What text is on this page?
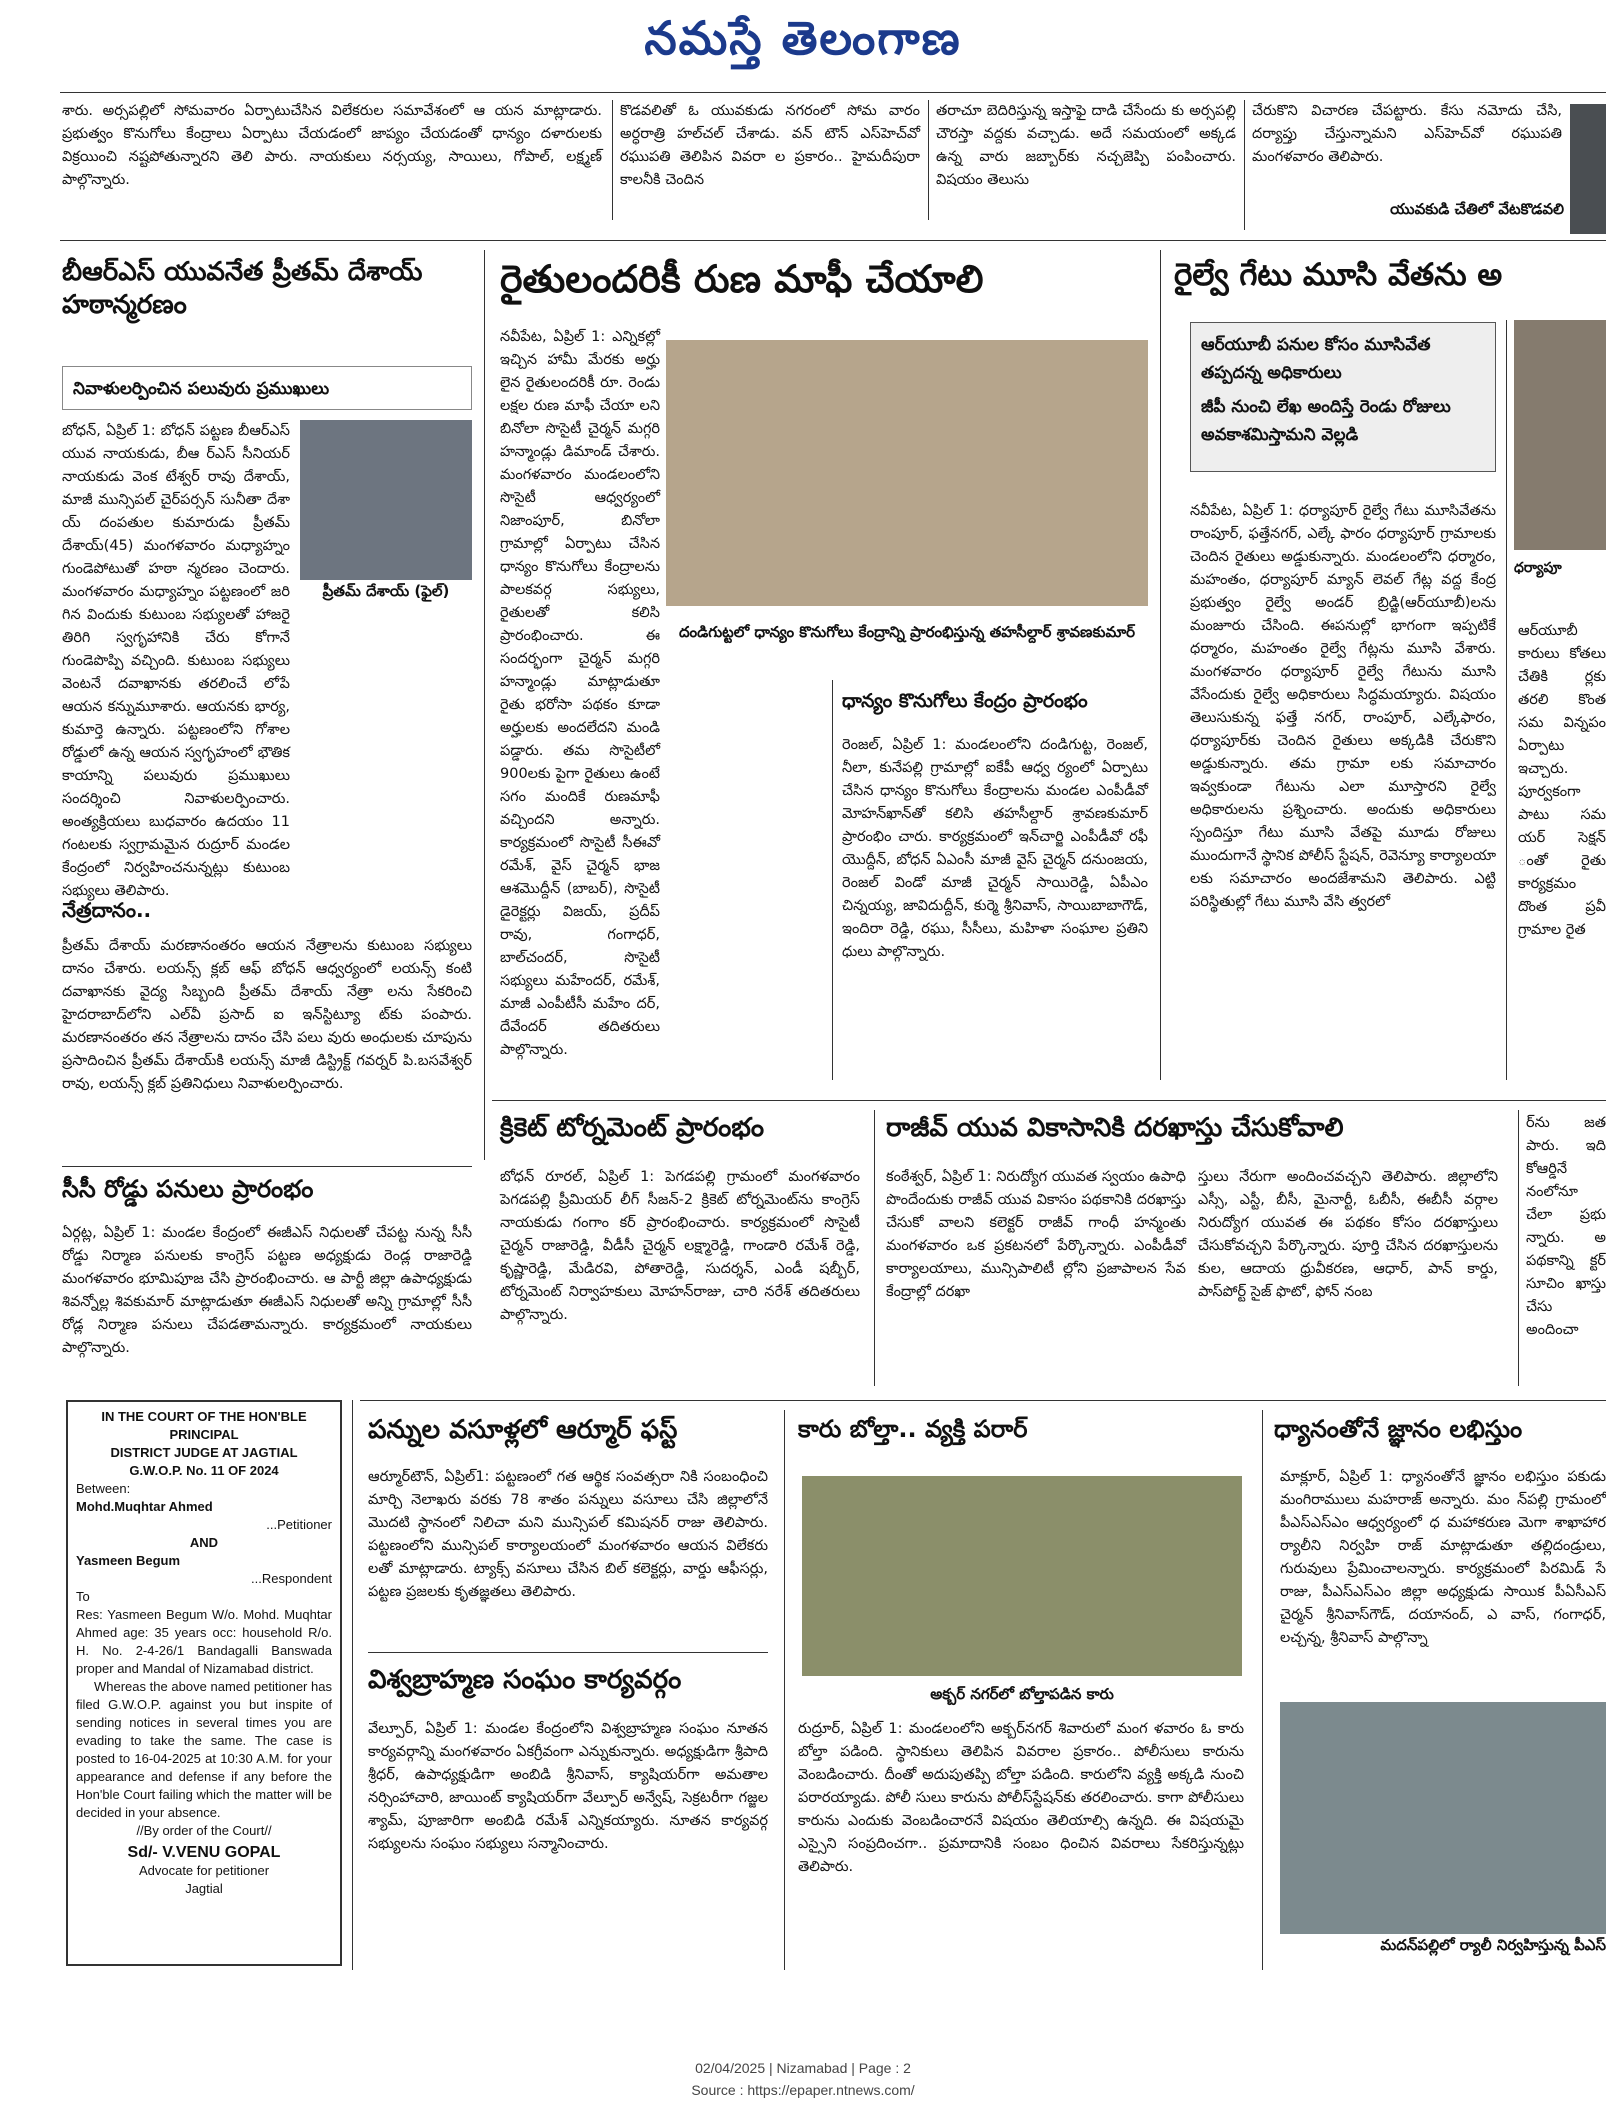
నమస్తే తెలంగాణ
శారు. అర్సపల్లిలో సోమవారం ఏర్పాటుచేసిన విలేకరుల సమావేశంలో ఆ యన మాట్లాడారు. ప్రభుత్వం కొనుగోలు కేంద్రాలు ఏర్పాటు చేయడంలో జాప్యం చేయడంతో ధాన్యం దళారులకు విక్రయించి నష్టపోతున్నారని తెలి పారు. నాయకులు నర్సయ్య, సాయిలు, గోపాల్, లక్ష్మణ్ పాల్గొన్నారు.
కొడవలితో ఓ యువకుడు నగరంలో సోమ వారం అర్ధరాత్రి హల్‌చల్ చేశాడు. వన్ టౌన్ ఎస్‌హెచ్‌వో రఘుపతి తెలిపిన వివరా ల ప్రకారం.. హైమదీపురా కాలనీకి చెందిన
తరాచూ బెదిరిస్తున్న ఇస్తాఫై దాడి చేసేందు కు అర్సపల్లి చౌరస్తా వద్దకు వచ్చాడు. అదే సమయంలో అక్కడ ఉన్న వారు జబ్బార్‌కు నచ్చజెప్పి పంపించారు. విషయం తెలుసు
చేరుకొని విచారణ చేపట్టారు. కేసు నమోదు చేసి, దర్యాప్తు చేస్తున్నామని ఎస్‌హెచ్‌వో రఘుపతి మంగళవారం తెలిపారు.
యువకుడి చేతిలో వేటకొడవలి
బీఆర్‌ఎస్ యువనేత ప్రీతమ్ దేశాయ్ హఠాన్మరణం
నివాళులర్పించిన పలువురు ప్రముఖులు
బోధన్, ఏప్రిల్ 1: బోధన్ పట్టణ బీఆర్‌ఎస్ యువ నాయకుడు, బీఆ ర్‌ఎస్ సీనియర్ నాయకుడు వెంక టేశ్వర్ రావు దేశాయ్, మాజీ మున్సిపల్ చైర్‌పర్సన్ సునీతా దేశా య్ దంపతుల కుమారుడు ప్రీతమ్ దేశాయ్(45) మంగళవారం మధ్యాహ్నం గుండెపోటుతో హఠా న్మరణం చెందారు. మంగళవారం మధ్యాహ్నం పట్టణంలో జరి గిన విందుకు కుటుంబ సభ్యులతో హాజరై తిరిగి స్వగృహానికి చేరు కోగానే గుండెపొప్పి వచ్చింది. కుటుంబ సభ్యులు వెంటనే దవాఖానకు తరలించే లోపే ఆయన కన్నుమూశారు. ఆయనకు భార్య, కుమార్తె ఉన్నారు. పట్టణంలోని గోశాల రోడ్డులో ఉన్న ఆయన స్వగృహంలో భౌతిక కాయాన్ని పలువురు ప్రముఖులు సందర్శించి నివాళులర్పించారు. అంత్యక్రియలు బుధవారం ఉదయం 11 గంటలకు స్వగ్రామమైన రుద్రూర్ మండల కేంద్రంలో నిర్వహించనున్నట్లు కుటుంబ సభ్యులు తెలిపారు.
ప్రీతమ్ దేశాయ్ (ఫైల్)
నేత్రదానం..
ప్రీతమ్ దేశాయ్ మరణానంతరం ఆయన నేత్రాలను కుటుంబ సభ్యులు దానం చేశారు. లయన్స్ క్లబ్ ఆఫ్ బోధన్ ఆధ్వర్యంలో లయన్స్ కంటి దవాఖానకు వైద్య సిబ్బంది ప్రీతమ్ దేశాయ్ నేత్రా లను సేకరించి హైదరాబాద్‌లోని ఎల్‌వీ ప్రసాద్ ఐ ఇన్‌స్టిట్యూ ట్‌కు పంపారు. మరణానంతరం తన నేత్రాలను దానం చేసి పలు వురు అంధులకు చూపును ప్రసాదించిన ప్రీతమ్ దేశాయ్‌కి లయన్స్ మాజీ డిస్ట్రిక్ట్ గవర్నర్ పి.బసవేశ్వర్ రావు, లయన్స్ క్లబ్ ప్రతినిధులు నివాళులర్పించారు.
సీసీ రోడ్డు పనులు ప్రారంభం
ఏర్గట్ల, ఏప్రిల్ 1: మండల కేంద్రంలో ఈజీఎస్ నిధులతో చేపట్ట నున్న సీసీ రోడ్డు నిర్మాణ పనులకు కాంగ్రెస్ పట్టణ అధ్యక్షుడు రెండ్ల రాజారెడ్డి మంగళవారం భూమిపూజ చేసి ప్రారంభించారు. ఆ పార్టీ జిల్లా ఉపాధ్యక్షుడు శివన్నోల్ల శివకుమార్ మాట్లాడుతూ ఈజీఎస్ నిధులతో అన్ని గ్రామాల్లో సీసీ రోడ్ల నిర్మాణ పనులు చేపడతామన్నారు. కార్యక్రమంలో నాయకులు పాల్గొన్నారు.
IN THE COURT OF THE HON'BLE PRINCIPAL
DISTRICT JUDGE AT JAGTIAL
G.W.O.P. No. 11 OF 2024
Between:
Mohd.Muqhtar Ahmed
...Petitioner
AND
Yasmeen Begum
...Respondent
To
Res: Yasmeen Begum W/o. Mohd. Muqhtar Ahmed age: 35 years occ: household R/o. H. No. 2-4-26/1 Bandagalli Banswada proper and Mandal of Nizamabad district.
Whereas the above named petitioner has filed G.W.O.P. against you but inspite of sending notices in several times you are evading to take the same. The case is posted to 16-04-2025 at 10:30 A.M. for your appearance and defense if any before the Hon'ble Court failing which the matter will be decided in your absence.
//By order of the Court//
Sd/- V.VENU GOPAL
Advocate for petitioner
Jagtial
రైతులందరికీ రుణ మాఫీ చేయాలి
నవీపేట, ఏప్రిల్ 1: ఎన్నికల్లో ఇచ్చిన హామీ మేరకు అర్హు లైన రైతులందరికీ రూ. రెండు లక్షల రుణ మాఫీ చేయా లని బినోలా సొసైటీ చైర్మన్ మగ్గరి హన్మాండ్లు డిమాండ్ చేశారు. మంగళవారం మండలంలోని సొసైటీ ఆధ్వర్యంలో నిజాంపూర్, బినోలా గ్రామాల్లో ఏర్పాటు చేసిన ధాన్యం కొనుగోలు కేంద్రాలను పాలకవర్గ సభ్యులు, రైతులతో కలిసి ప్రారంభించారు. ఈ సందర్భంగా చైర్మన్ మగ్గరి హన్మాండ్లు మాట్లాడుతూ రైతు భరోసా పథకం కూడా అర్హులకు అందలేదని మండి పడ్డారు. తమ సొసైటీలో 900లకు పైగా రైతులు ఉంటే సగం మందికే రుణమాఫీ వచ్చిందని అన్నారు. కార్యక్రమంలో సొసైటీ సీఈవో రమేశ్, వైస్ చైర్మన్ భాజ ఆశమొద్దీన్ (బాబర్), సొసైటీ డైరెక్టర్లు విజయ్, ప్రదీప్ రావు, గంగాధర్, బాల్‌చందర్, సొసైటీ సభ్యులు మహేందర్, రమేశ్, మాజీ ఎంపీటీసీ మహేం దర్, దేవేందర్ తదితరులు పాల్గొన్నారు.
దండిగుట్టలో ధాన్యం కొనుగోలు కేంద్రాన్ని ప్రారంభిస్తున్న తహసీల్దార్ శ్రావణకుమార్
ధాన్యం కొనుగోలు కేంద్రం ప్రారంభం
రెంజల్, ఏప్రిల్ 1: మండలంలోని దండిగుట్ట, రెంజల్, నీలా, కునేపల్లి గ్రామాల్లో ఐకేపీ ఆధ్వ ర్యంలో ఏర్పాటు చేసిన ధాన్యం కొనుగోలు కేంద్రాలను మండల ఎంపీడీవో మోహన్‌ఖాన్‌తో కలిసి తహసీల్దార్ శ్రావణకుమార్ ప్రారంభిం చారు. కార్యక్రమంలో ఇన్‌చార్జి ఎంపీడీవో రఫీ యొద్దీన్, బోధన్ ఏఎంసీ మాజీ వైస్ చైర్మన్ దనుంజయ, రెంజల్ విండో మాజీ చైర్మన్ సాయిరెడ్డి, ఏపీఎం చిన్నయ్య, జావిదుద్దీన్, కుర్మె శ్రీనివాస్, సాయిబాబాగౌడ్, ఇందిరా రెడ్డి, రఘు, సీసీలు, మహిళా సంఘాల ప్రతిని ధులు పాల్గొన్నారు.
రైల్వే గేటు మూసి వేతను అ
ఆర్‌యూబీ పనుల కోసం మూసివేత తప్పదన్న అధికారులు
జీపీ నుంచి లేఖ అందిస్తే రెండు రోజులు అవకాశమిస్తామని వెల్లడి
నవీపేట, ఏప్రిల్ 1: ధర్యాపూర్ రైల్వే గేటు మూసివేతను రాంపూర్, ఫత్తేనగర్, ఎల్కే ఫారం ధర్యాపూర్ గ్రామాలకు చెందిన రైతులు అడ్డుకున్నారు. మండలంలోని ధర్మారం, మహంతం, ధర్యాపూర్ మ్యాన్ లెవల్ గేట్ల వద్ద కేంద్ర ప్రభుత్వం రైల్వే అండర్ బ్రిడ్జి(ఆర్‌యూబీ)లను మంజూరు చేసింది. ఈపనుల్లో భాగంగా ఇప్పటికే ధర్మారం, మహంతం రైల్వే గేట్లను మూసి వేశారు. మంగళవారం ధర్యాపూర్ రైల్వే గేటును మూసి వేసేందుకు రైల్వే అధికారులు సిద్ధమయ్యారు. విషయం తెలుసుకున్న ఫత్తే నగర్, రాంపూర్, ఎల్కేఫారం, ధర్యాపూర్‌కు చెందిన రైతులు అక్కడికి చేరుకొని అడ్డుకున్నారు. తమ గ్రామా లకు సమాచారం ఇవ్వకుండా గేటును ఎలా మూస్తారని రైల్వే అధికారులను ప్రశ్నించారు. అందుకు అధికారులు స్పందిస్తూ గేటు మూసి వేతపై మూడు రోజులు ముందుగానే స్థానిక పోలీస్ స్టేషన్, రెవెన్యూ కార్యాలయా లకు సమాచారం అందజేశామని తెలిపారు. ఎట్టి పరిస్థితుల్లో గేటు మూసి వేసి త్వరలో
ధర్యాపూ
ఆర్‌యూబీ కారులు కోతలు చేతికి ర్లకు తరలి కొంత సమ విన్నపం ఏర్పాటు ఇచ్చారు. పూర్వకంగా పాటు సమ యర్ సెక్షన్ ంతో రైతు కార్యక్రమం దొంత ప్రవీ గ్రామాల రైత
క్రికెట్ టోర్నమెంట్ ప్రారంభం
బోధన్ రూరల్, ఏప్రిల్ 1: పెగడపల్లి గ్రామంలో మంగళవారం పెగడపల్లి ప్రీమియర్ లీగ్ సీజన్-2 క్రికెట్ టోర్నమెంట్‌ను కాంగ్రెస్ నాయకుడు గంగాం కర్ ప్రారంభించారు. కార్యక్రమంలో సొసైటీ చైర్మన్ రాజారెడ్డి, వీడీసీ చైర్మన్ లక్ష్మారెడ్డి, గాండారి రమేశ్ రెడ్డి, కృష్ణారెడ్డి, మేడిరవి, పోతారెడ్డి, సుదర్శన్, ఎండీ షబ్బీర్, టోర్నమెంట్ నిర్వాహకులు మోహన్‌రాజు, చారి నరేశ్ తదితరులు పాల్గొన్నారు.
రాజీవ్ యువ వికాసానికి దరఖాస్తు చేసుకోవాలి
కంఠేశ్వర్, ఏప్రిల్ 1: నిరుద్యోగ యువత స్వయం ఉపాధి పొందేందుకు రాజీవ్ యువ వికాసం పథకానికి దరఖాస్తు చేసుకో వాలని కలెక్టర్ రాజీవ్ గాంధీ హన్మంతు మంగళవారం ఒక ప్రకటనలో పేర్కొన్నారు. ఎంపీడీవో కార్యాలయాలు, మున్సిపాలిటీ ల్లోని ప్రజాపాలన సేవ కేంద్రాల్లో దరఖా
స్తులు నేరుగా అందించవచ్చని తెలిపారు. జిల్లాలోని ఎస్సీ, ఎస్టీ, బీసీ, మైనార్టీ, ఓబీసీ, ఈబీసీ వర్గాల నిరుద్యోగ యువత ఈ పథకం కోసం దరఖాస్తులు చేసుకోవచ్చని పేర్కొన్నారు. పూర్తి చేసిన దరఖాస్తులను కుల, ఆదాయ ధ్రువీకరణ, ఆధార్, పాన్ కార్డు, పాస్‌పోర్ట్ సైజ్ ఫొటో, ఫోన్ నంబ
ర్‌ను జత పారు. ఇది కోఆర్డినే నంలోనూ చేలా ప్రభు న్నారు. అ పథకాన్ని క్టర్ సూచిం ఖాస్తు చేసు అందించా
పన్నుల వసూళ్లలో ఆర్మూర్ ఫస్ట్
ఆర్మూర్‌టౌన్, ఏప్రిల్1: పట్టణంలో గత ఆర్థిక సంవత్సరా నికి సంబంధించి మార్చి నెలాఖరు వరకు 78 శాతం పన్నులు వసూలు చేసి జిల్లాలోనే మొదటి స్థానంలో నిలిచా మని మున్సిపల్ కమిషనర్ రాజు తెలిపారు. పట్టణంలోని మున్సిపల్ కార్యాలయంలో మంగళవారం ఆయన విలేకరు లతో మాట్లాడారు. ట్యాక్స్ వసూలు చేసిన బిల్ కలెక్టర్లు, వార్డు ఆఫీసర్లు, పట్టణ ప్రజలకు కృతజ్ఞతలు తెలిపారు.
విశ్వబ్రాహ్మణ సంఘం కార్యవర్గం
వేల్పూర్, ఏప్రిల్ 1: మండల కేంద్రంలోని విశ్వబ్రాహ్మణ సంఘం నూతన కార్యవర్గాన్ని మంగళవారం ఏకగ్రీవంగా ఎన్నుకున్నారు. అధ్యక్షుడిగా శ్రీపాది శ్రీధర్, ఉపాధ్యక్షుడిగా అంబిడి శ్రీనివాస్, క్యాషియర్‌గా అమతాల నర్సింహాచారి, జాయింట్ క్యాషియర్‌గా వేల్పూర్ అన్వేష్, సెక్రటరీగా గజ్జల శ్యామ్, పూజారిగా అంబిడి రమేశ్ ఎన్నికయ్యారు. నూతన కార్యవర్గ సభ్యులను సంఘం సభ్యులు సన్మానించారు.
కారు బోల్తా.. వ్యక్తి పరార్
అక్బర్ నగర్‌లో బోల్తాపడిన కారు
రుద్రూర్, ఏప్రిల్ 1: మండలంలోని అక్బర్‌నగర్ శివారులో మంగ ళవారం ఓ కారు బోల్తా పడింది. స్థానికులు తెలిపిన వివరాల ప్రకారం.. పోలీసులు కారును వెంబడించారు. దీంతో అదుపుతప్పి బోల్తా పడింది. కారులోని వ్యక్తి అక్కడి నుంచి పరారయ్యాడు. పోలీ సులు కారును పోలీస్‌స్టేషన్‌కు తరలించారు. కాగా పోలీసులు కారును ఎందుకు వెంబడించారనే విషయం తెలియాల్సి ఉన్నది. ఈ విషయమై ఎస్సైని సంప్రదించగా.. ప్రమాదానికి సంబం ధించిన వివరాలు సేకరిస్తున్నట్లు తెలిపారు.
ధ్యానంతోనే జ్ఞానం లభిస్తుం
మాక్లూర్, ఏప్రిల్ 1: ధ్యానంతోనే జ్ఞానం లభిస్తుం పకుడు మంగిరాములు మహరాజ్ అన్నారు. మం న్‌పల్లి గ్రామంలో పీఎస్‌ఎస్‌ఎం ఆధ్వర్యంలో ధ మహాకరుణ మెగా శాఖాహార ర్యాలీని నిర్వహి రాజ్ మాట్లాడుతూ తల్లిదండ్రులు, గురువులు ప్రేమించాలన్నారు. కార్యక్రమంలో పిరమిడ్ సే రాజు, పీఎస్‌ఎస్‌ఎం జిల్లా అధ్యక్షుడు సాయిక పీఏసీఎస్ చైర్మన్ శ్రీనివాస్‌గౌడ్, దయానంద్, ఎ వాస్, గంగాధర్, లచ్చన్న, శ్రీనివాస్ పాల్గొన్నా
మదన్‌పల్లిలో ర్యాలీ నిర్వహిస్తున్న పీఎస్
02/04/2025 | Nizamabad | Page : 2
Source : https://epaper.ntnews.com/
